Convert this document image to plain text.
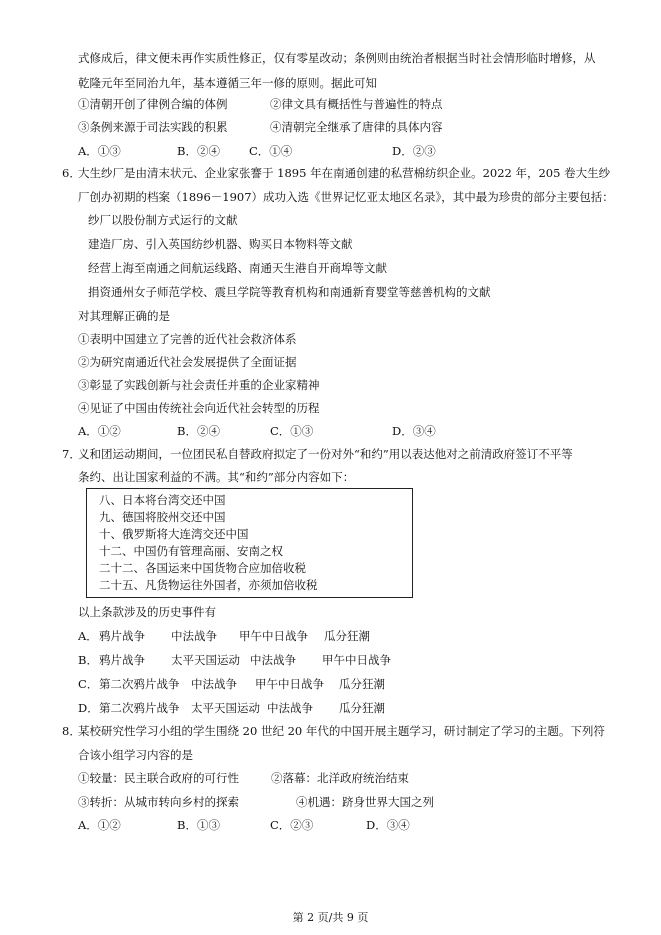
式修成后，律文便未再作实质性修正，仅有零星改动；条例则由统治者根据当时社会情形临时增修，从
乾隆元年至同治九年，基本遵循三年一修的原则。据此可知
①清朝开创了律例合编的体例	②律文具有概括性与普遍性的特点
③条例来源于司法实践的积累	④清朝完全继承了唐律的具体内容
A．①③	B．②④	C．①④	D．②③
6．
大生纱厂是由清末状元、企业家张謇于 1895 年在南通创建的私营棉纺织企业。2022 年，205 卷大生纱
厂创办初期的档案（1896－1907）成功入选《世界记忆亚太地区名录》，其中最为珍贵的部分主要包括：
纱厂以股份制方式运行的文献
建造厂房、引入英国纺纱机器、购买日本物料等文献
经营上海至南通之间航运线路、南通天生港自开商埠等文献
捐资通州女子师范学校、震旦学院等教育机构和南通新育婴堂等慈善机构的文献
对其理解正确的是
①表明中国建立了完善的近代社会救济体系
②为研究南通近代社会发展提供了全面证据
③彰显了实践创新与社会责任并重的企业家精神
④见证了中国由传统社会向近代社会转型的历程
A．①②	B．②④	C．①③	D．③④
7．
义和团运动期间，一位团民私自替政府拟定了一份对外“和约”用以表达他对之前清政府签订不平等
条约、出让国家利益的不满。其“和约”部分内容如下：
八、日本将台湾交还中国
九、德国将胶州交还中国
十、俄罗斯将大连湾交还中国
十二、中国仍有管理高丽、安南之权
二十二、各国运来中国货物合应加倍收税
二十五、凡货物运往外国者，亦须加倍收税
以上条款涉及的历史事件有
A． 鸦片战争 中法战争 甲午中日战争 瓜分狂潮
B． 鸦片战争 太平天国运动 中法战争 甲午中日战争
C． 第二次鸦片战争 中法战争 甲午中日战争 瓜分狂潮
D． 第二次鸦片战争 太平天国运动 中法战争 瓜分狂潮
8．
某校研究性学习小组的学生围绕 20 世纪 20 年代的中国开展主题学习，研讨制定了学习的主题。下列符
合该小组学习内容的是
①较量：民主联合政府的可行性	②落幕：北洋政府统治结束
③转折：从城市转向乡村的探索	④机遇：跻身世界大国之列
A．①②	B．①③	C．②③	D．③④
第 2 页/共 9 页
